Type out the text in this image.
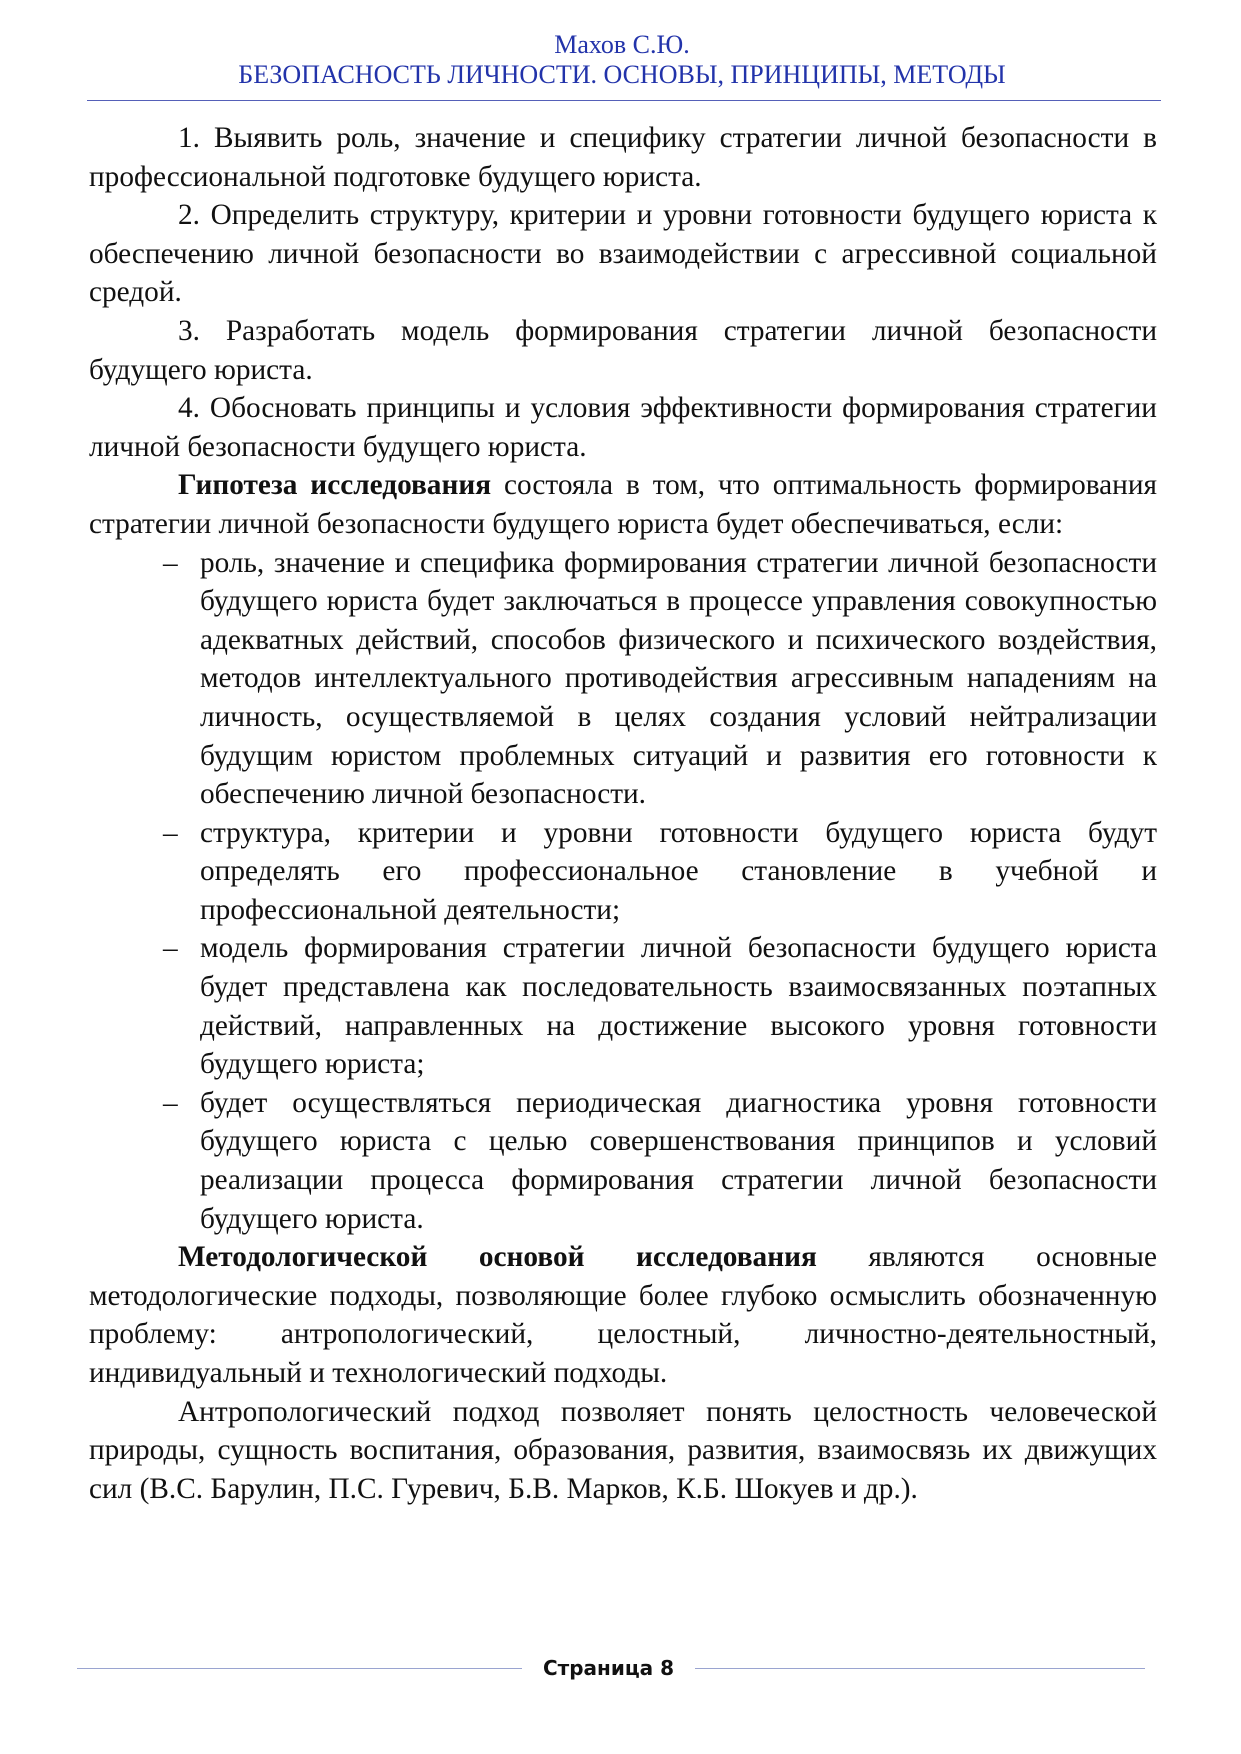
Махов С.Ю.
БЕЗОПАСНОСТЬ ЛИЧНОСТИ. ОСНОВЫ, ПРИНЦИПЫ, МЕТОДЫ

1. Выявить роль, значение и специфику стратегии личной безопасности в профессиональной подготовке будущего юриста.

2. Определить структуру, критерии и уровни готовности будущего юриста к обеспечению личной безопасности во взаимодействии с агрессивной социальной средой.

3. Разработать модель формирования стратегии личной безопасности будущего юриста.

4. Обосновать принципы и условия эффективности формирования стратегии личной безопасности будущего юриста.

Гипотеза исследования состояла в том, что оптимальность формирования стратегии личной безопасности будущего юриста будет обеспечиваться, если:

– роль, значение и специфика формирования стратегии личной безопасности будущего юриста будет заключаться в процессе управления совокупностью адекватных действий, способов физического и психического воздействия, методов интеллектуального противодействия агрессивным нападениям на личность, осуществляемой в целях создания условий нейтрализации будущим юристом проблемных ситуаций и развития его готовности к обеспечению личной безопасности.
– структура, критерии и уровни готовности будущего юриста будут определять его профессиональное становление в учебной и профессиональной деятельности;
– модель формирования стратегии личной безопасности будущего юриста будет представлена как последовательность взаимосвязанных поэтапных действий, направленных на достижение высокого уровня готовности будущего юриста;
– будет осуществляться периодическая диагностика уровня готовности будущего юриста с целью совершенствования принципов и условий реализации процесса формирования стратегии личной безопасности будущего юриста.

Методологической основой исследования являются основные методологические подходы, позволяющие более глубоко осмыслить обозначенную проблему: антропологический, целостный, личностно-деятельностный, индивидуальный и технологический подходы.

Антропологический подход позволяет понять целостность человеческой природы, сущность воспитания, образования, развития, взаимосвязь их движущих сил (В.С. Барулин, П.С. Гуревич, Б.В. Марков, К.Б. Шокуев и др.).

Страница 8
